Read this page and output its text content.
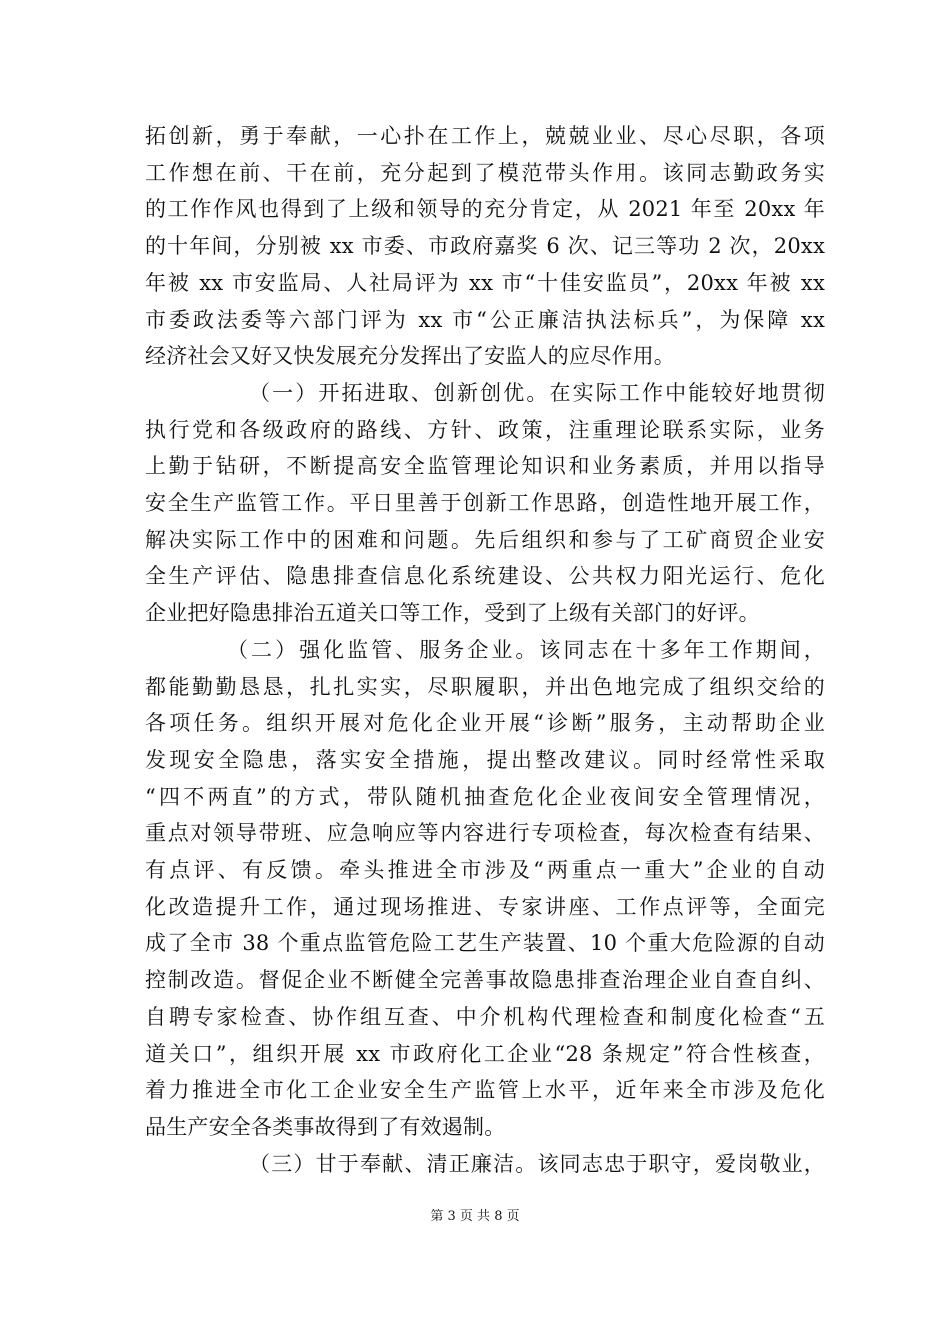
拓创新，勇于奉献，一心扑在工作上，兢兢业业、尽心尽职，各项
工作想在前、干在前，充分起到了模范带头作用。该同志勤政务实
的工作作风也得到了上级和领导的充分肯定，从 2021 年至 20xx 年
的十年间，分别被 xx 市委、市政府嘉奖 6 次、记三等功 2 次，20xx
年被 xx 市安监局、人社局评为 xx 市“十佳安监员”，20xx 年被 xx
市委政法委等六部门评为 xx 市“公正廉洁执法标兵”，为保障 xx
经济社会又好又快发展充分发挥出了安监人的应尽作用。

（一）开拓进取、创新创优。在实际工作中能较好地贯彻
执行党和各级政府的路线、方针、政策，注重理论联系实际，业务
上勤于钻研，不断提高安全监管理论知识和业务素质，并用以指导
安全生产监管工作。平日里善于创新工作思路，创造性地开展工作，
解决实际工作中的困难和问题。先后组织和参与了工矿商贸企业安
全生产评估、隐患排查信息化系统建设、公共权力阳光运行、危化
企业把好隐患排治五道关口等工作，受到了上级有关部门的好评。

（二）强化监管、服务企业。该同志在十多年工作期间，
都能勤勤恳恳，扎扎实实，尽职履职，并出色地完成了组织交给的
各项任务。组织开展对危化企业开展“诊断”服务，主动帮助企业
发现安全隐患，落实安全措施，提出整改建议。同时经常性采取
“四不两直”的方式，带队随机抽查危化企业夜间安全管理情况，
重点对领导带班、应急响应等内容进行专项检查，每次检查有结果、
有点评、有反馈。牵头推进全市涉及“两重点一重大”企业的自动
化改造提升工作，通过现场推进、专家讲座、工作点评等，全面完
成了全市 38 个重点监管危险工艺生产装置、10 个重大危险源的自动
控制改造。督促企业不断健全完善事故隐患排查治理企业自查自纠、
自聘专家检查、协作组互查、中介机构代理检查和制度化检查“五
道关口”，组织开展 xx 市政府化工企业“28 条规定”符合性核查，
着力推进全市化工企业安全生产监管上水平，近年来全市涉及危化
品生产安全各类事故得到了有效遏制。

（三）甘于奉献、清正廉洁。该同志忠于职守，爱岗敬业，

第 3 页 共 8 页
